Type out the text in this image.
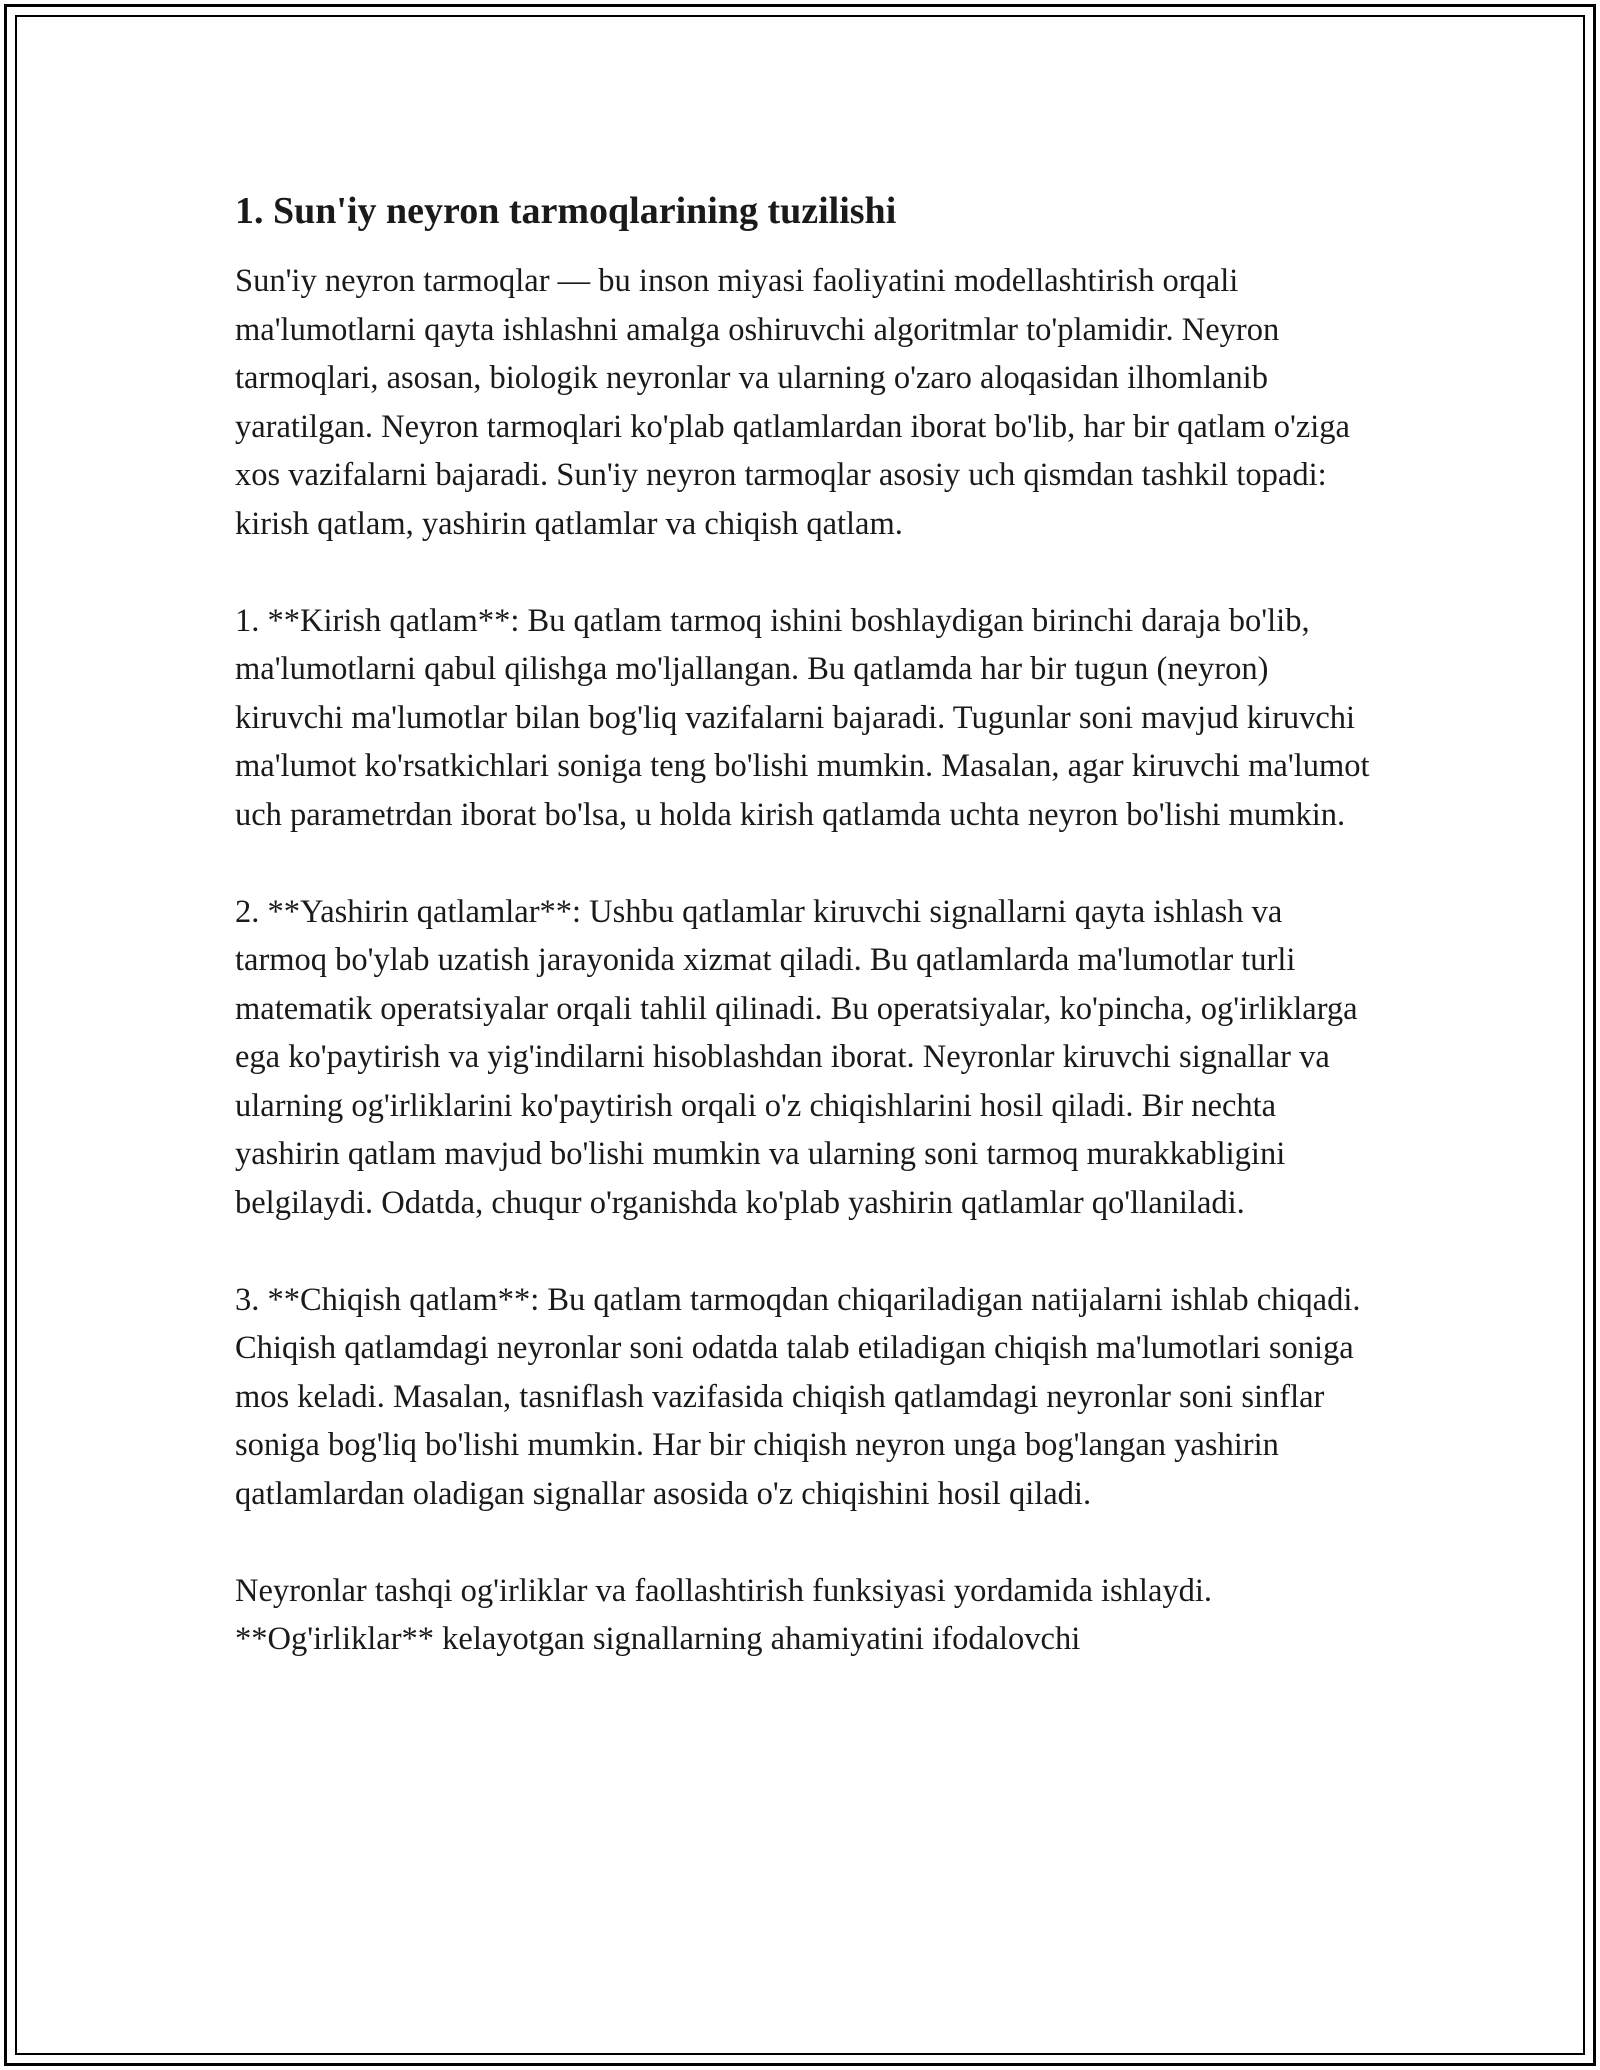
1. Sun'iy neyron tarmoqlarining tuzilishi

Sun'iy neyron tarmoqlar — bu inson miyasi faoliyatini modellashtirish orqali ma'lumotlarni qayta ishlashni amalga oshiruvchi algoritmlar to'plamidir. Neyron tarmoqlari, asosan, biologik neyronlar va ularning o'zaro aloqasidan ilhomlanib yaratilgan. Neyron tarmoqlari ko'plab qatlamlardan iborat bo'lib, har bir qatlam o'ziga xos vazifalarni bajaradi. Sun'iy neyron tarmoqlar asosiy uch qismdan tashkil topadi: kirish qatlam, yashirin qatlamlar va chiqish qatlam.

1. **Kirish qatlam**: Bu qatlam tarmoq ishini boshlaydigan birinchi daraja bo'lib, ma'lumotlarni qabul qilishga mo'ljallangan. Bu qatlamda har bir tugun (neyron) kiruvchi ma'lumotlar bilan bog'liq vazifalarni bajaradi. Tugunlar soni mavjud kiruvchi ma'lumot ko'rsatkichlari soniga teng bo'lishi mumkin. Masalan, agar kiruvchi ma'lumot uch parametrdan iborat bo'lsa, u holda kirish qatlamda uchta neyron bo'lishi mumkin.

2. **Yashirin qatlamlar**: Ushbu qatlamlar kiruvchi signallarni qayta ishlash va tarmoq bo'ylab uzatish jarayonida xizmat qiladi. Bu qatlamlarda ma'lumotlar turli matematik operatsiyalar orqali tahlil qilinadi. Bu operatsiyalar, ko'pincha, og'irliklarga ega ko'paytirish va yig'indilarni hisoblashdan iborat. Neyronlar kiruvchi signallar va ularning og'irliklarini ko'paytirish orqali o'z chiqishlarini hosil qiladi. Bir nechta yashirin qatlam mavjud bo'lishi mumkin va ularning soni tarmoq murakkabligini belgilaydi. Odatda, chuqur o'rganishda ko'plab yashirin qatlamlar qo'llaniladi.

3. **Chiqish qatlam**: Bu qatlam tarmoqdan chiqariladigan natijalarni ishlab chiqadi. Chiqish qatlamdagi neyronlar soni odatda talab etiladigan chiqish ma'lumotlari soniga mos keladi. Masalan, tasniflash vazifasida chiqish qatlamdagi neyronlar soni sinflar soniga bog'liq bo'lishi mumkin. Har bir chiqish neyron unga bog'langan yashirin qatlamlardan oladigan signallar asosida o'z chiqishini hosil qiladi.

Neyronlar tashqi og'irliklar va faollashtirish funksiyasi yordamida ishlaydi. **Og'irliklar** kelayotgan signallarning ahamiyatini ifodalovchi
